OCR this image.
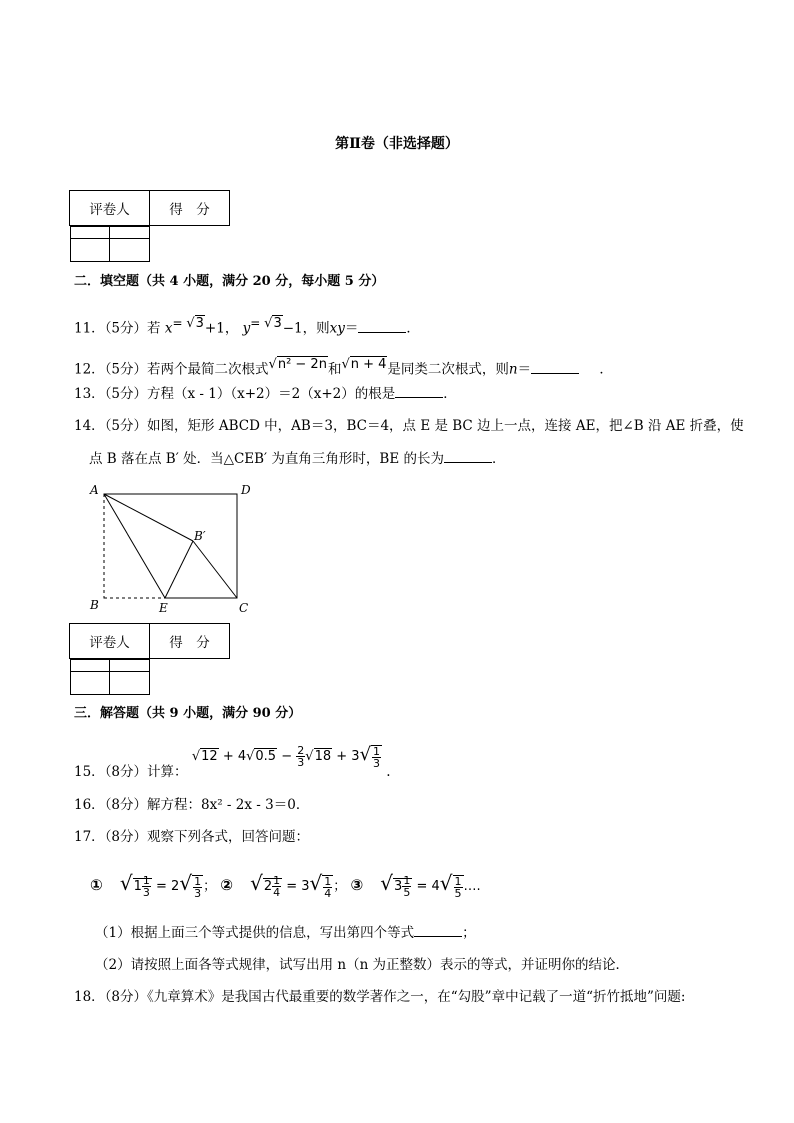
第Ⅱ卷（非选择题）
评卷人	得　分

二．填空题（共 4 小题，满分 20 分，每小题 5 分）
11．（5分）若 $x^{= √3}+1$， $y^{= √3}-1$，则xy＝	．
12．（5分）若两个最简二次根式$^{√n^2 - 2n}$和$^{√n + 4}$是同类二次根式，则n＝  	．
13．（5分）方程（x - 1）（x+2）＝2（x+2）的根是	．
14．（5分）如图，矩形 ABCD 中，AB＝3，BC＝4，点 E 是 BC 边上一点，连接 AE，把∠B 沿 AE 折叠，使
点 B 落在点 B′ 处．当△CEB′ 为直角三角形时，BE 的长为	．
A	D
B	E	C
B′
评卷人	得　分

三．解答题（共 9 小题，满分 90 分）
15．（8分）计算： $√12 + 4√0.5 - \frac{2}{3} √18 + 3√ \frac{1}{3}$
.
16．（8分）解方程：8x² - 2x - 3＝0．
17．（8分）观察下列各式，回答问题：
①   $√1 \frac{1}{3} = 2√ \frac{1}{3}$ ； ②   $√2 \frac{1}{4} = 3√ \frac{1}{4}$ ； ③   $√3 \frac{1}{5} = 4√ \frac{1}{5}$ ….
（1）根据上面三个等式提供的信息，写出第四个等式	；
（2）请按照上面各等式规律，试写出用 n（n 为正整数）表示的等式，并证明你的结论．
18．（8分）《九章算术》是我国古代最重要的数学著作之一，在“勾股”章中记载了一道“折竹抵地”问题:
